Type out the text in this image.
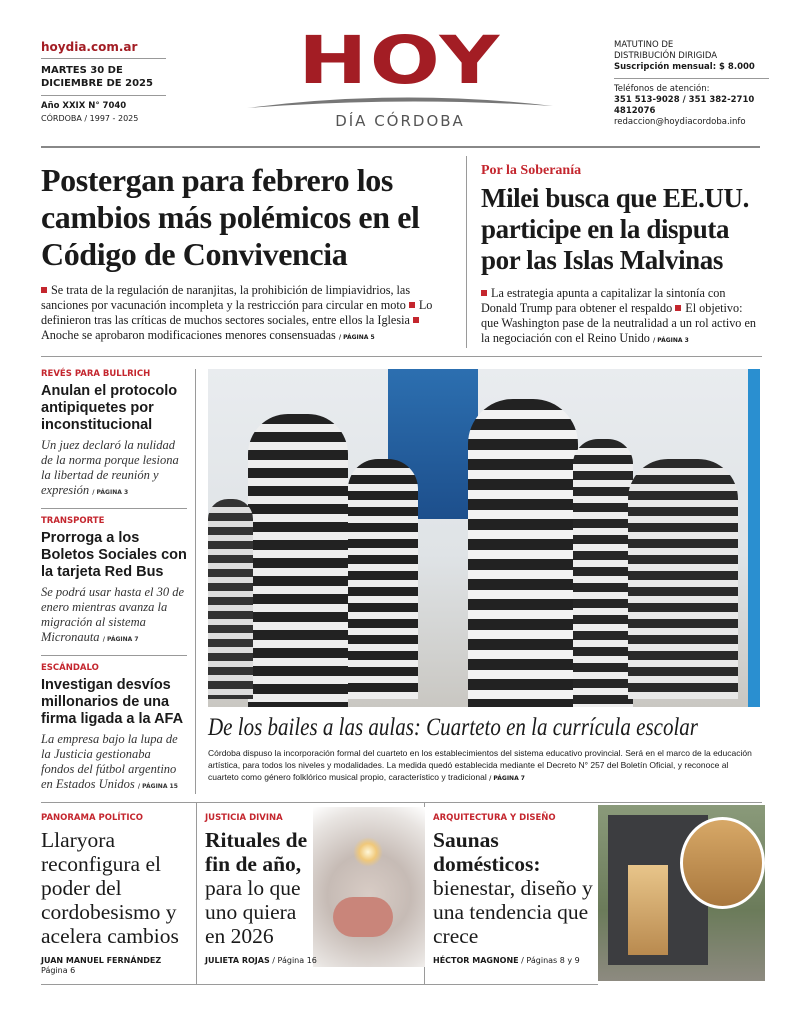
hoydia.com.ar
MARTES 30 DE DICIEMBRE DE 2025
Año XXIX N° 7040
CÓRDOBA / 1997 - 2025
HOY
DÍA CÓRDOBA
MATUTINO DE
DISTRIBUCIÓN DIRIGIDA
Suscripción mensual: $ 8.000
Teléfonos de atención:
351 513-9028 / 351 382-2710
4812076
redaccion@hoydiacordoba.info
Postergan para febrero los cambios más polémicos en el Código de Convivencia
Se trata de la regulación de naranjitas, la prohibición de limpiavidrios, las sanciones por vacunación incompleta y la restricción para circular en moto Lo definieron tras las críticas de muchos sectores sociales, entre ellos la Iglesia Anoche se aprobaron modificaciones menores consensuadas / PÁGINA 5
Por la Soberanía
Milei busca que EE.UU. participe en la disputa por las Islas Malvinas
La estrategia apunta a capitalizar la sintonía con Donald Trump para obtener el respaldo El objetivo: que Washington pase de la neutralidad a un rol activo en la negociación con el Reino Unido / PÁGINA 3
REVÉS PARA BULLRICH
Anulan el protocolo antipiquetes por inconstitucional
Un juez declaró la nulidad de la norma porque lesiona la libertad de reunión y expresión / PÁGINA 3
TRANSPORTE
Prorroga a los Boletos Sociales con la tarjeta Red Bus
Se podrá usar hasta el 30 de enero mientras avanza la migración al sistema Micronauta / PÁGINA 7
ESCÁNDALO
Investigan desvíos millonarios de una firma ligada a la AFA
La empresa bajo la lupa de la Justicia gestionaba fondos del fútbol argentino en Estados Unidos / PÁGINA 15
De los bailes a las aulas: Cuarteto en la currícula escolar
Córdoba dispuso la incorporación formal del cuarteto en los establecimientos del sistema educativo provincial. Será en el marco de la educación artística, para todos los niveles y modalidades. La medida quedó establecida mediante el Decreto N° 257 del Boletín Oficial, y reconoce al cuarteto como género folklórico musical propio, característico y tradicional / PÁGINA 7
PANORAMA POLÍTICO
Llaryora reconfigura el poder del cordobesismo y acelera cambios
JUAN MANUEL FERNÁNDEZ
Página 6
JUSTICIA DIVINA
Rituales de fin de año, para lo que uno quiera en 2026
JULIETA ROJAS / Página 16
ARQUITECTURA Y DISEÑO
Saunas domésticos: bienestar, diseño y una tendencia que crece
HÉCTOR MAGNONE / Páginas 8 y 9
